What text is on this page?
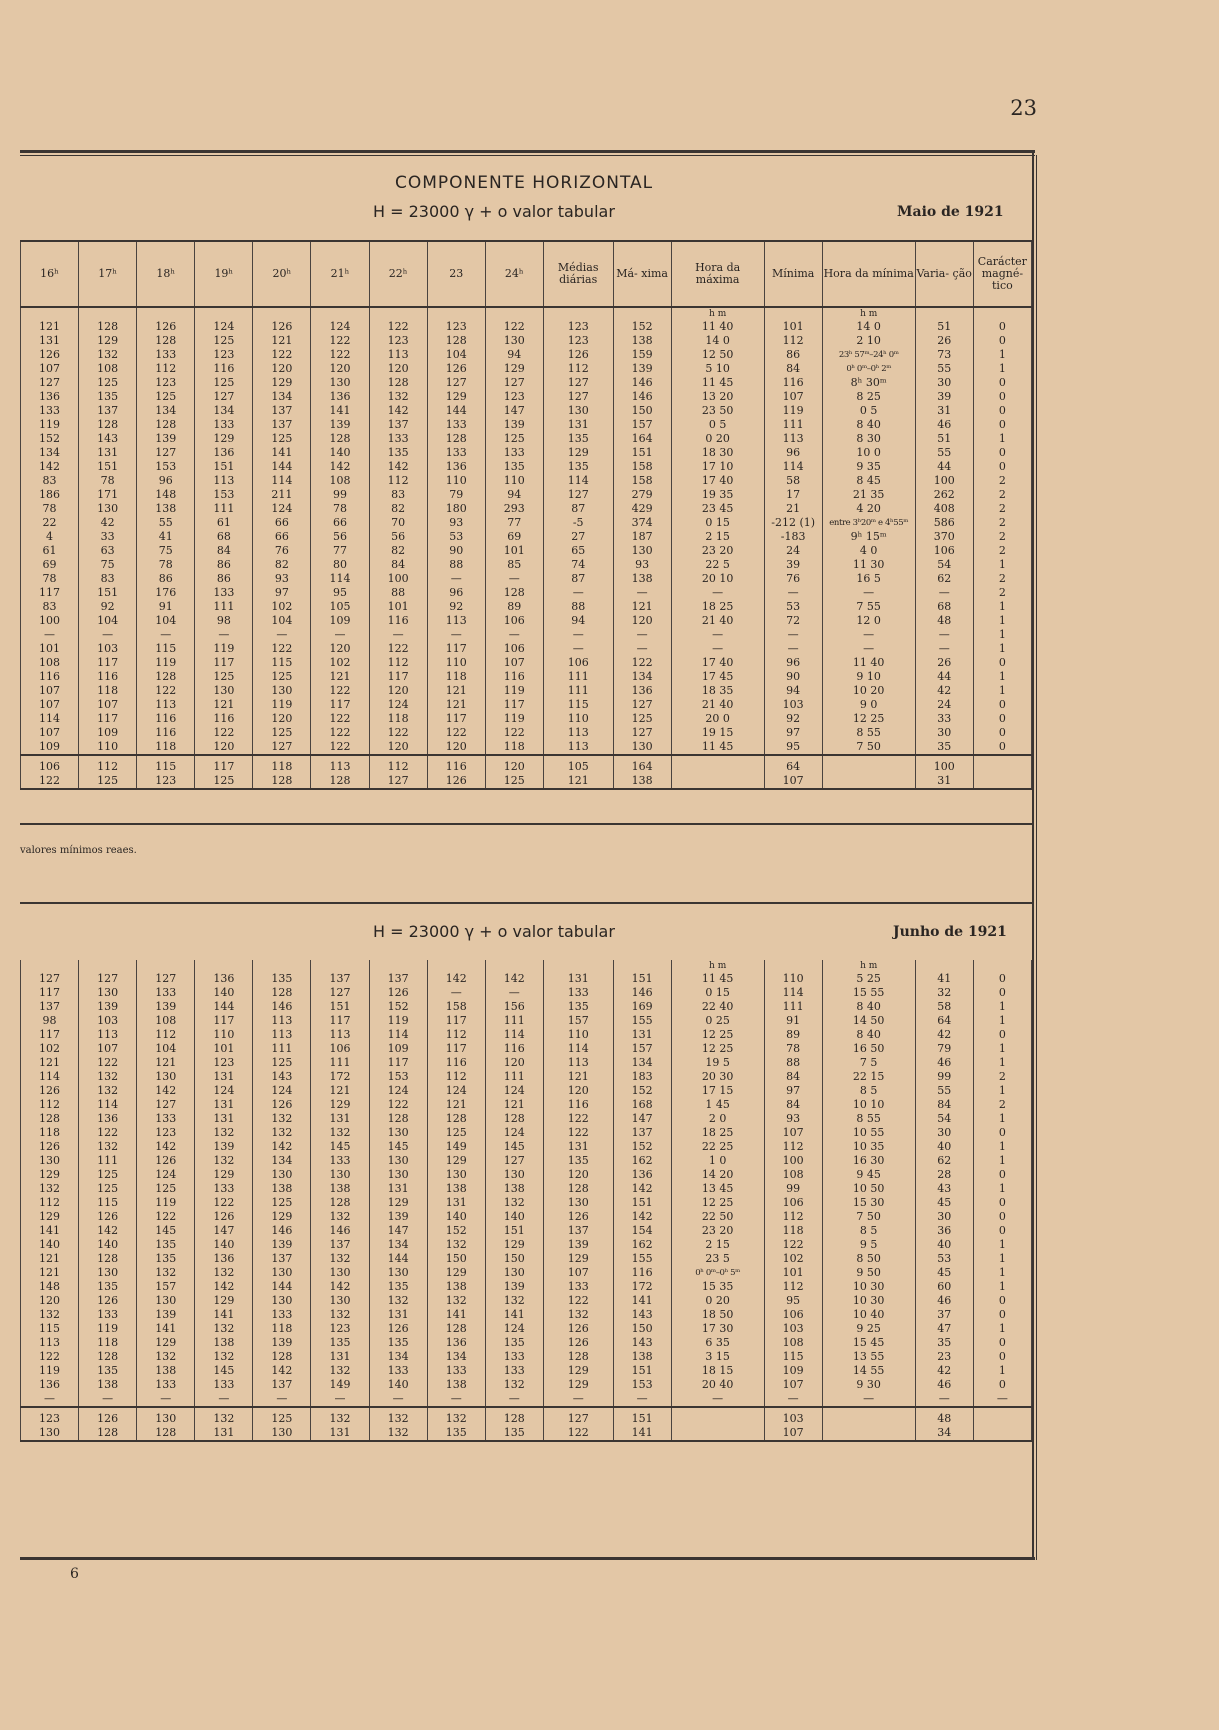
23
COMPONENTE HORIZONTAL
H = 23000 γ + o valor tabular	Maio de 1921
16ʰ	17ʰ	18ʰ	19ʰ	20ʰ	21ʰ	22ʰ	23	24ʰ	Médias diárias	Má- xima	Hora da máxima	Mínima	Hora da mínima	Varia- ção	Carácter magné- tico
											h m		h m		
121	128	126	124	126	124	122	123	122	123	152	11 40	101	14 0	51	0
131	129	128	125	121	122	123	128	130	123	138	14 0	112	2 10	26	0
126	132	133	123	122	122	113	104	94	126	159	12 50	86	23ʰ 57ᵐ–24ʰ 0ᵐ	73	1
107	108	112	116	120	120	120	126	129	112	139	5 10	84	0ʰ 0ᵐ–0ʰ 2ᵐ	55	1
127	125	123	125	129	130	128	127	127	127	146	11 45	116	8ʰ 30ᵐ	30	0
136	135	125	127	134	136	132	129	123	127	146	13 20	107	8 25	39	0
133	137	134	134	137	141	142	144	147	130	150	23 50	119	0 5	31	0
119	128	128	133	137	139	137	133	139	131	157	0 5	111	8 40	46	0
152	143	139	129	125	128	133	128	125	135	164	0 20	113	8 30	51	1
134	131	127	136	141	140	135	133	133	129	151	18 30	96	10 0	55	0
142	151	153	151	144	142	142	136	135	135	158	17 10	114	9 35	44	0
83	78	96	113	114	108	112	110	110	114	158	17 40	58	8 45	100	2
186	171	148	153	211	99	83	79	94	127	279	19 35	17	21 35	262	2
78	130	138	111	124	78	82	180	293	87	429	23 45	21	4 20	408	2
22	42	55	61	66	66	70	93	77	-5	374	0 15	-212 (1)	entre 3ʰ20ᵐ e 4ʰ55ᵐ	586	2
4	33	41	68	66	56	56	53	69	27	187	2 15	-183	9ʰ 15ᵐ	370	2
61	63	75	84	76	77	82	90	101	65	130	23 20	24	4 0	106	2
69	75	78	86	82	80	84	88	85	74	93	22 5	39	11 30	54	1
78	83	86	86	93	114	100	—	—	87	138	20 10	76	16 5	62	2
117	151	176	133	97	95	88	96	128	—	—	—	—	—	—	2
83	92	91	111	102	105	101	92	89	88	121	18 25	53	7 55	68	1
100	104	104	98	104	109	116	113	106	94	120	21 40	72	12 0	48	1
—	—	—	—	—	—	—	—	—	—	—	—	—	—	—	1
101	103	115	119	122	120	122	117	106	—	—	—	—	—	—	1
108	117	119	117	115	102	112	110	107	106	122	17 40	96	11 40	26	0
116	116	128	125	125	121	117	118	116	111	134	17 45	90	9 10	44	1
107	118	122	130	130	122	120	121	119	111	136	18 35	94	10 20	42	1
107	107	113	121	119	117	124	121	117	115	127	21 40	103	9 0	24	0
114	117	116	116	120	122	118	117	119	110	125	20 0	92	12 25	33	0
107	109	116	122	125	122	122	122	122	113	127	19 15	97	8 55	30	0
109	110	118	120	127	122	120	120	118	113	130	11 45	95	7 50	35	0
106	112	115	117	118	113	112	116	120	105	164		64		100	
122	125	123	125	128	128	127	126	125	121	138		107		31	
valores mínimos reaes.
H = 23000 γ + o valor tabular	Junho de 1921
											h m		h m		
127	127	127	136	135	137	137	142	142	131	151	11 45	110	5 25	41	0
117	130	133	140	128	127	126	—	—	133	146	0 15	114	15 55	32	0
137	139	139	144	146	151	152	158	156	135	169	22 40	111	8 40	58	1
98	103	108	117	113	117	119	117	111	157	155	0 25	91	14 50	64	1
117	113	112	110	113	113	114	112	114	110	131	12 25	89	8 40	42	0
102	107	104	101	111	106	109	117	116	114	157	12 25	78	16 50	79	1
121	122	121	123	125	111	117	116	120	113	134	19 5	88	7 5	46	1
114	132	130	131	143	172	153	112	111	121	183	20 30	84	22 15	99	2
126	132	142	124	124	121	124	124	124	120	152	17 15	97	8 5	55	1
112	114	127	131	126	129	122	121	121	116	168	1 45	84	10 10	84	2
128	136	133	131	132	131	128	128	128	122	147	2 0	93	8 55	54	1
118	122	123	132	132	132	130	125	124	122	137	18 25	107	10 55	30	0
126	132	142	139	142	145	145	149	145	131	152	22 25	112	10 35	40	1
130	111	126	132	134	133	130	129	127	135	162	1 0	100	16 30	62	1
129	125	124	129	130	130	130	130	130	120	136	14 20	108	9 45	28	0
132	125	125	133	138	138	131	138	138	128	142	13 45	99	10 50	43	1
112	115	119	122	125	128	129	131	132	130	151	12 25	106	15 30	45	0
129	126	122	126	129	132	139	140	140	126	142	22 50	112	7 50	30	0
141	142	145	147	146	146	147	152	151	137	154	23 20	118	8 5	36	0
140	140	135	140	139	137	134	132	129	139	162	2 15	122	9 5	40	1
121	128	135	136	137	132	144	150	150	129	155	23 5	102	8 50	53	1
121	130	132	132	130	130	130	129	130	107	116	0ʰ 0ᵐ–0ʰ 5ᵐ	101	9 50	45	1
148	135	157	142	144	142	135	138	139	133	172	15 35	112	10 30	60	1
120	126	130	129	130	130	132	132	132	122	141	0 20	95	10 30	46	0
132	133	139	141	133	132	131	141	141	132	143	18 50	106	10 40	37	0
115	119	141	132	118	123	126	128	124	126	150	17 30	103	9 25	47	1
113	118	129	138	139	135	135	136	135	126	143	6 35	108	15 45	35	0
122	128	132	132	128	131	134	134	133	128	138	3 15	115	13 55	23	0
119	135	138	145	142	132	133	133	133	129	151	18 15	109	14 55	42	1
136	138	133	133	137	149	140	138	132	129	153	20 40	107	9 30	46	0
—	—	—	—	—	—	—	—	—	—	—	—	—	—	—	—
123	126	130	132	125	132	132	132	128	127	151		103		48	
130	128	128	131	130	131	132	135	135	122	141		107		34	
6
